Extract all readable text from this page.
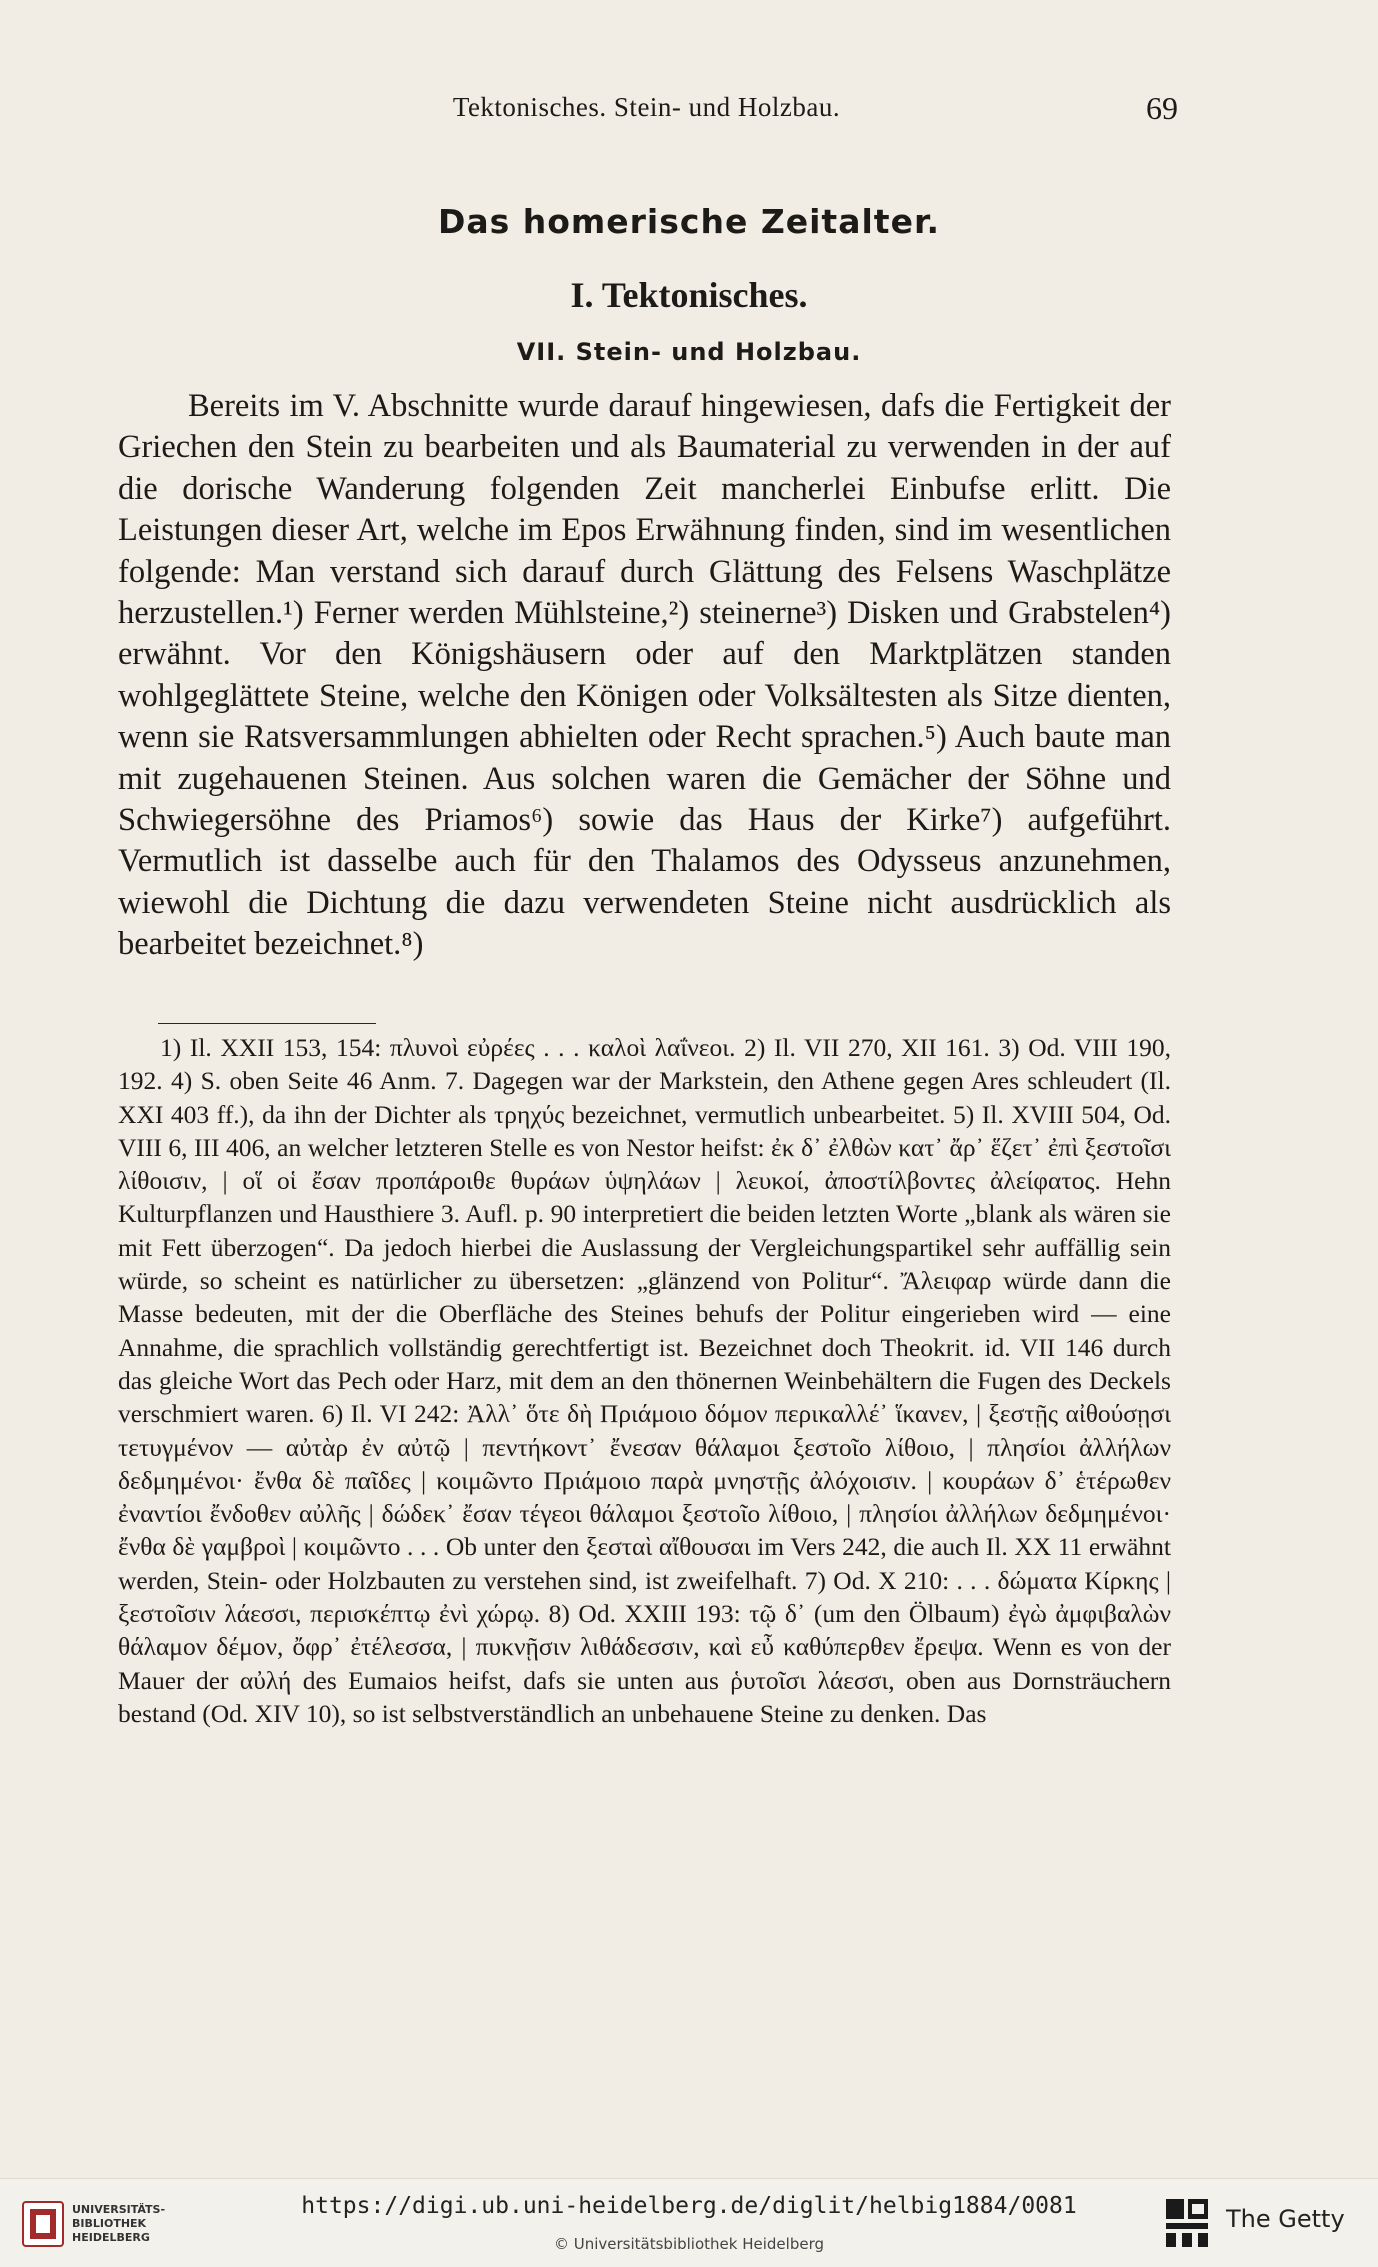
Tektonisches. Stein- und Holzbau.	69
Das homerische Zeitalter.
I. Tektonisches.
VII. Stein- und Holzbau.

Bereits im V. Abschnitte wurde darauf hingewiesen, dafs die Fertigkeit der Griechen den Stein zu bearbeiten und als Baumaterial zu verwenden in der auf die dorische Wanderung folgenden Zeit mancherlei Einbufse erlitt. Die Leistungen dieser Art, welche im Epos Erwähnung finden, sind im wesentlichen folgende: Man verstand sich darauf durch Glättung des Felsens Waschplätze herzustellen.¹) Ferner werden Mühlsteine,²) steinerne³) Disken und Grabstelen⁴) erwähnt. Vor den Königshäusern oder auf den Marktplätzen standen wohlgeglättete Steine, welche den Königen oder Volksältesten als Sitze dienten, wenn sie Ratsversammlungen abhielten oder Recht sprachen.⁵) Auch baute man mit zugehauenen Steinen. Aus solchen waren die Gemächer der Söhne und Schwiegersöhne des Priamos⁶) sowie das Haus der Kirke⁷) aufgeführt. Vermutlich ist dasselbe auch für den Thalamos des Odysseus anzunehmen, wiewohl die Dichtung die dazu verwendeten Steine nicht ausdrücklich als bearbeitet bezeichnet.⁸)

1) Il. XXII 153, 154: πλυνοὶ εὐρέες . . . καλοὶ λαΐνεοι. 2) Il. VII 270, XII 161. 3) Od. VIII 190, 192. 4) S. oben Seite 46 Anm. 7. Dagegen war der Markstein, den Athene gegen Ares schleudert (Il. XXI 403 ff.), da ihn der Dichter als τρηχύς bezeichnet, vermutlich unbearbeitet. 5) Il. XVIII 504, Od. VIII 6, III 406, an welcher letzteren Stelle es von Nestor heifst: ἐκ δ᾽ ἐλθὼν κατ᾽ ἄρ᾽ ἕζετ᾽ ἐπὶ ξεστοῖσι λίθοισιν, | οἵ οἱ ἔσαν προπάροιθε θυράων ὑψηλάων | λευκοί, ἀποστίλβοντες ἀλείφατος. Hehn Kulturpflanzen und Hausthiere 3. Aufl. p. 90 interpretiert die beiden letzten Worte „blank als wären sie mit Fett überzogen“. Da jedoch hierbei die Auslassung der Vergleichungspartikel sehr auffällig sein würde, so scheint es natürlicher zu übersetzen: „glänzend von Politur“. Ἄλειφαρ würde dann die Masse bedeuten, mit der die Oberfläche des Steines behufs der Politur eingerieben wird — eine Annahme, die sprachlich vollständig gerechtfertigt ist. Bezeichnet doch Theokrit. id. VII 146 durch das gleiche Wort das Pech oder Harz, mit dem an den thönernen Weinbehältern die Fugen des Deckels verschmiert waren. 6) Il. VI 242: Ἀλλ᾽ ὅτε δὴ Πριάμοιο δόμον περικαλλέ᾽ ἵκανεν, | ξεστῇς αἰθούσῃσι τετυγμένον — αὐτὰρ ἐν αὐτῷ | πεντήκοντ᾽ ἔνεσαν θάλαμοι ξεστοῖο λίθοιο, | πλησίοι ἀλλήλων δεδμημένοι· ἔνθα δὲ παῖδες | κοιμῶντο Πριάμοιο παρὰ μνηστῇς ἀλόχοισιν. | κουράων δ᾽ ἑτέρωθεν ἐναντίοι ἔνδοθεν αὐλῆς | δώδεκ᾽ ἔσαν τέγεοι θάλαμοι ξεστοῖο λίθοιο, | πλησίοι ἀλλήλων δεδμημένοι· ἔνθα δὲ γαμβροὶ | κοιμῶντο . . . Ob unter den ξεσταὶ αἴθουσαι im Vers 242, die auch Il. XX 11 erwähnt werden, Stein- oder Holzbauten zu verstehen sind, ist zweifelhaft. 7) Od. X 210: . . . δώματα Κίρκης | ξεστοῖσιν λάεσσι, περισκέπτῳ ἐνὶ χώρῳ. 8) Od. XXIII 193: τῷ δ᾽ (um den Ölbaum) ἐγὼ ἀμφιβαλὼν θάλαμον δέμον, ὄφρ᾽ ἐτέλεσσα, | πυκνῇσιν λιθάδεσσιν, καὶ εὖ καθύπερθεν ἔρεψα. Wenn es von der Mauer der αὐλή des Eumaios heifst, dafs sie unten aus ῥυτοῖσι λάεσσι, oben aus Dornsträuchern bestand (Od. XIV 10), so ist selbstverständlich an unbehauene Steine zu denken. Das

UNIVERSITÄTS-
BIBLIOTHEK
HEIDELBERG
https://digi.ub.uni-heidelberg.de/diglit/helbig1884/0081
© Universitätsbibliothek Heidelberg
The Getty
